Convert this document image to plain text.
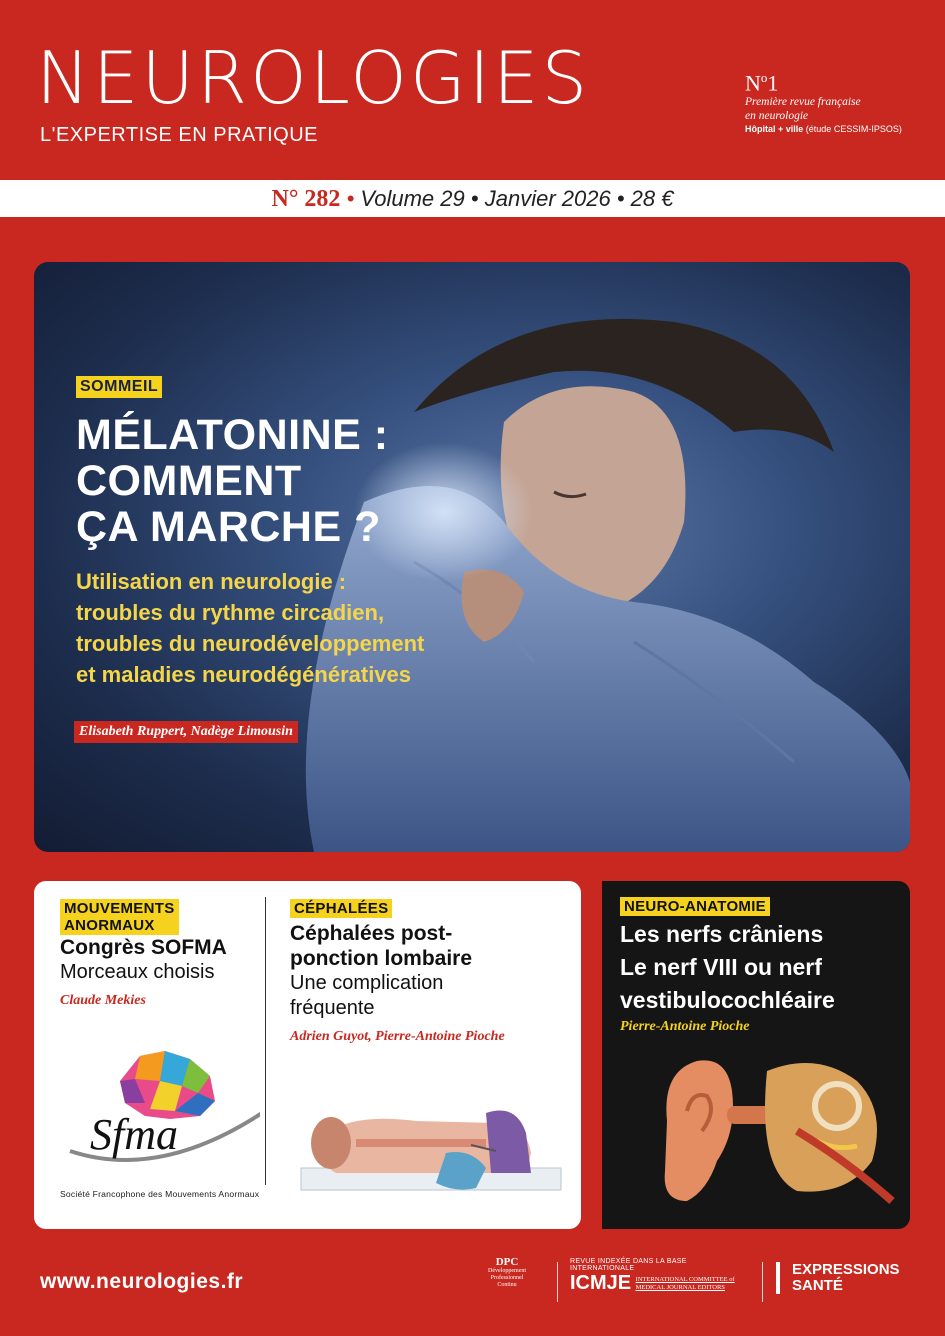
NEUROLOGIES
L'EXPERTISE EN PRATIQUE
$N^o1$
Première revue française
en neurologie
Hôpital + ville (étude CESSIM-IPSOS)
N° 282 • Volume 29 • Janvier 2026 • 28 €
SOMMEIL
MÉLATONINE :
COMMENT
ÇA MARCHE ?
Utilisation en neurologie :
troubles du rythme circadien,
troubles du neurodéveloppement
et maladies neurodégénératives
Elisabeth Ruppert, Nadège Limousin
MOUVEMENTS
ANORMAUX
Congrès SOFMA
Morceaux choisis
Claude Mekies
Sfma
Société Francophone des Mouvements Anormaux
CÉPHALÉES
Céphalées post-
ponction lombaire
Une complication
fréquente
Adrien Guyot, Pierre-Antoine Pioche
NEURO-ANATOMIE
Les nerfs crâniens
Le nerf VIII ou nerf
vestibulocochléaire
Pierre-Antoine Pioche
www.neurologies.fr
DPC
Développement
Professionnel
Continu
REVUE INDEXÉE DANS LA BASE INTERNATIONALE
ICMJE INTERNATIONAL COMMITTEE of MEDICAL JOURNAL EDITORS
EXPRESSIONS
SANTÉ
